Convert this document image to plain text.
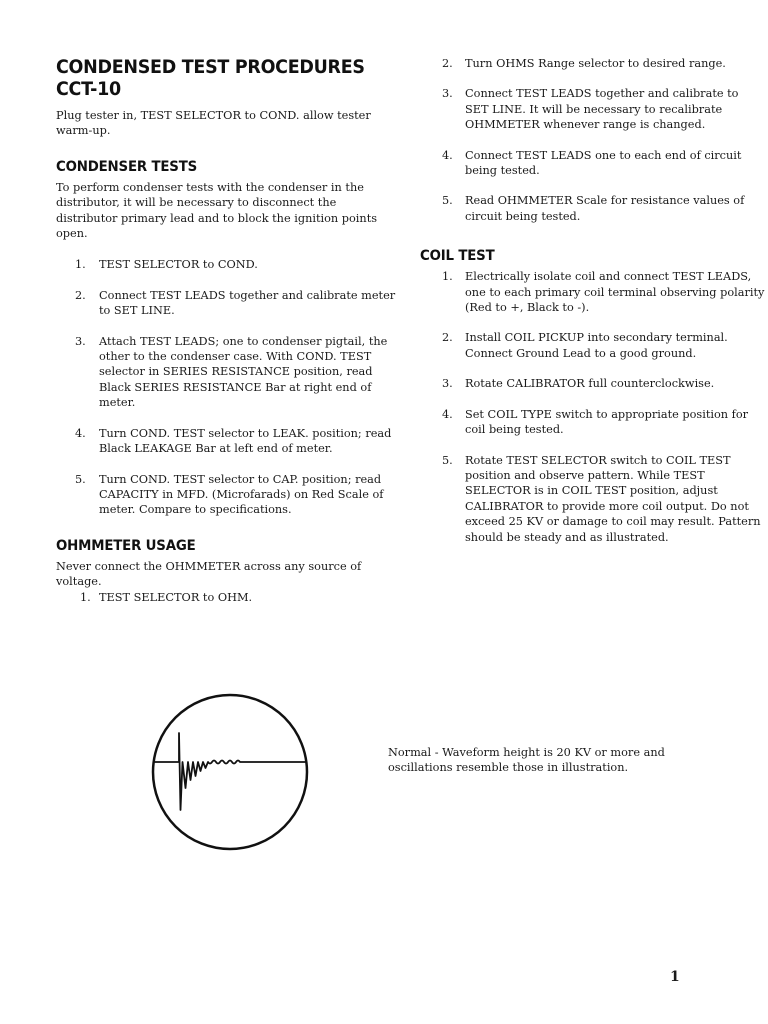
CONDENSED TEST PROCEDURES CCT-10

Plug tester in, TEST SELECTOR to COND. allow tester warm-up.

CONDENSER TESTS

To perform condenser tests with the condenser in the distributor, it will be necessary to disconnect the distributor primary lead and to block the ignition points open.

1. TEST SELECTOR to COND.
2. Connect TEST LEADS together and calibrate meter to SET LINE.
3. Attach TEST LEADS; one to condenser pigtail, the other to the condenser case. With COND. TEST selector in SERIES RESISTANCE position, read Black SERIES RESISTANCE Bar at right end of meter.
4. Turn COND. TEST selector to LEAK. position; read Black LEAKAGE Bar at left end of meter.
5. Turn COND. TEST selector to CAP. position; read CAPACITY in MFD. (Microfarads) on Red Scale of meter. Compare to specifications.
OHMMETER USAGE

Never connect the OHMMETER across any source of voltage.

1. TEST SELECTOR to OHM.
2. Turn OHMS Range selector to desired range.
3. Connect TEST LEADS together and calibrate to SET LINE. It will be necessary to recalibrate OHMMETER whenever range is changed.
4. Connect TEST LEADS one to each end of circuit being tested.
5. Read OHMMETER Scale for resistance values of circuit being tested.
COIL TEST
1. Electrically isolate coil and connect TEST LEADS, one to each primary coil terminal observing polarity (Red to +, Black to -).
2. Install COIL PICKUP into secondary terminal. Connect Ground Lead to a good ground.
3. Rotate CALIBRATOR full counterclockwise.
4. Set COIL TYPE switch to appropriate position for coil being tested.
5. Rotate TEST SELECTOR switch to COIL TEST position and observe pattern. While TEST SELECTOR is in COIL TEST position, adjust CALIBRATOR to provide more coil output. Do not exceed 25 KV or damage to coil may result. Pattern should be steady and as illustrated.

Normal - Waveform height is 20 KV or more and oscillations resemble those in illustration.

1
